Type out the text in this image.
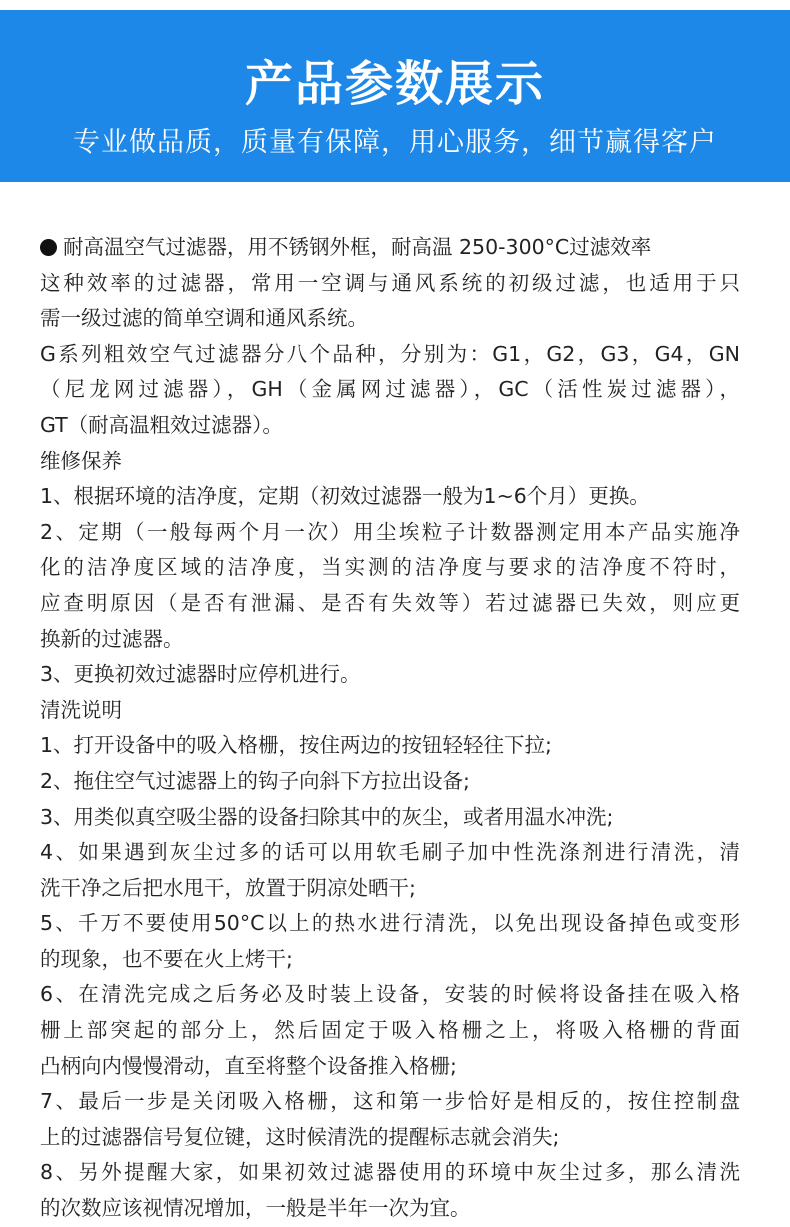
产品参数展示
专业做品质，质量有保障，用心服务，细节赢得客户
耐高温空气过滤器，用不锈钢外框，耐高温 250-300°C过滤效率
这种效率的过滤器，常用一空调与通风系统的初级过滤，也适用于只
需一级过滤的简单空调和通风系统。
G系列粗效空气过滤器分八个品种，分别为：G1，G2，G3，G4，GN
（尼龙网过滤器），GH（金属网过滤器），GC（活性炭过滤器），
GT（耐高温粗效过滤器）。
维修保养
1、根据环境的洁净度，定期（初效过滤器一般为1~6个月）更换。
2、定期（一般每两个月一次）用尘埃粒子计数器测定用本产品实施净
化的洁净度区域的洁净度，当实测的洁净度与要求的洁净度不符时，
应查明原因（是否有泄漏、是否有失效等）若过滤器已失效，则应更
换新的过滤器。
3、更换初效过滤器时应停机进行。
清洗说明
1、打开设备中的吸入格栅，按住两边的按钮轻轻往下拉;
2、拖住空气过滤器上的钩子向斜下方拉出设备;
3、用类似真空吸尘器的设备扫除其中的灰尘，或者用温水冲洗;
4、如果遇到灰尘过多的话可以用软毛刷子加中性洗涤剂进行清洗，清
洗干净之后把水甩干，放置于阴凉处晒干;
5、千万不要使用50°C以上的热水进行清洗，以免出现设备掉色或变形
的现象，也不要在火上烤干;
6、在清洗完成之后务必及时装上设备，安装的时候将设备挂在吸入格
栅上部突起的部分上，然后固定于吸入格栅之上，将吸入格栅的背面
凸柄向内慢慢滑动，直至将整个设备推入格栅;
7、最后一步是关闭吸入格栅，这和第一步恰好是相反的，按住控制盘
上的过滤器信号复位键，这时候清洗的提醒标志就会消失;
8、另外提醒大家，如果初效过滤器使用的环境中灰尘过多，那么清洗
的次数应该视情况增加，一般是半年一次为宜。
